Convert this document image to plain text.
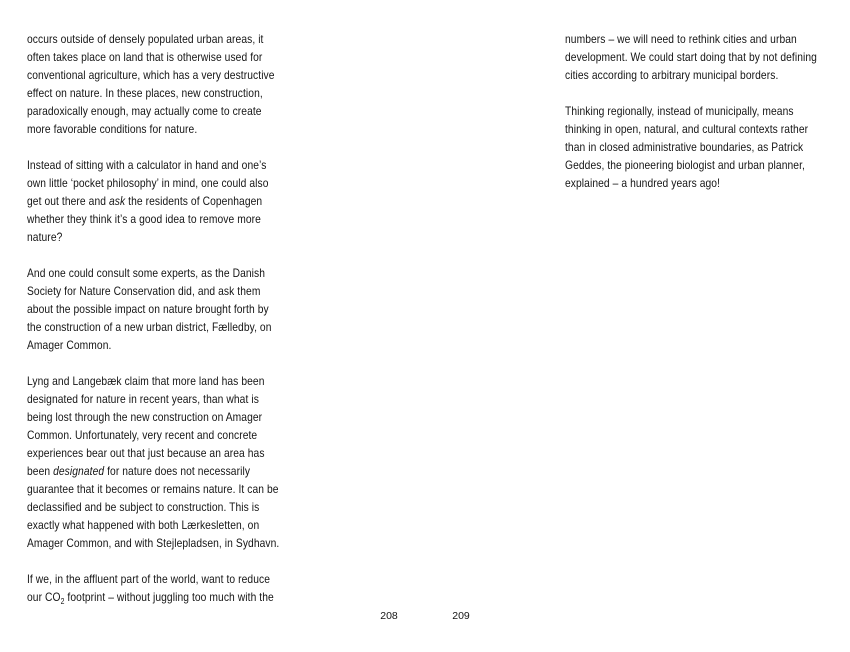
occurs outside of densely populated urban areas, it often takes place on land that is otherwise used for conventional agriculture, which has a very destructive effect on nature. In these places, new construction, paradoxically enough, may actually come to create more favorable conditions for nature.

Instead of sitting with a calculator in hand and one’s own little ‘pocket philosophy’ in mind, one could also get out there and ask the residents of Copenhagen whether they think it’s a good idea to remove more nature?

And one could consult some experts, as the Danish Society for Nature Conservation did, and ask them about the possible impact on nature brought forth by the construction of a new urban district, Fælledby, on Amager Common.

Lyng and Langebæk claim that more land has been designated for nature in recent years, than what is being lost through the new construction on Amager Common. Unfortunately, very recent and concrete experiences bear out that just because an area has been designated for nature does not necessarily guarantee that it becomes or remains nature. It can be declassified and be subject to construction. This is exactly what happened with both Lærkesletten, on Amager Common, and with Stejlepladsen, in Sydhavn.

If we, in the affluent part of the world, want to reduce our $CO_2$ footprint – without juggling too much with the

numbers – we will need to rethink cities and urban development. We could start doing that by not defining cities according to arbitrary municipal borders.

Thinking regionally, instead of municipally, means thinking in open, natural, and cultural contexts rather than in closed administrative boundaries, as Patrick Geddes, the pioneering biologist and urban planner, explained – a hundred years ago!

208	209
